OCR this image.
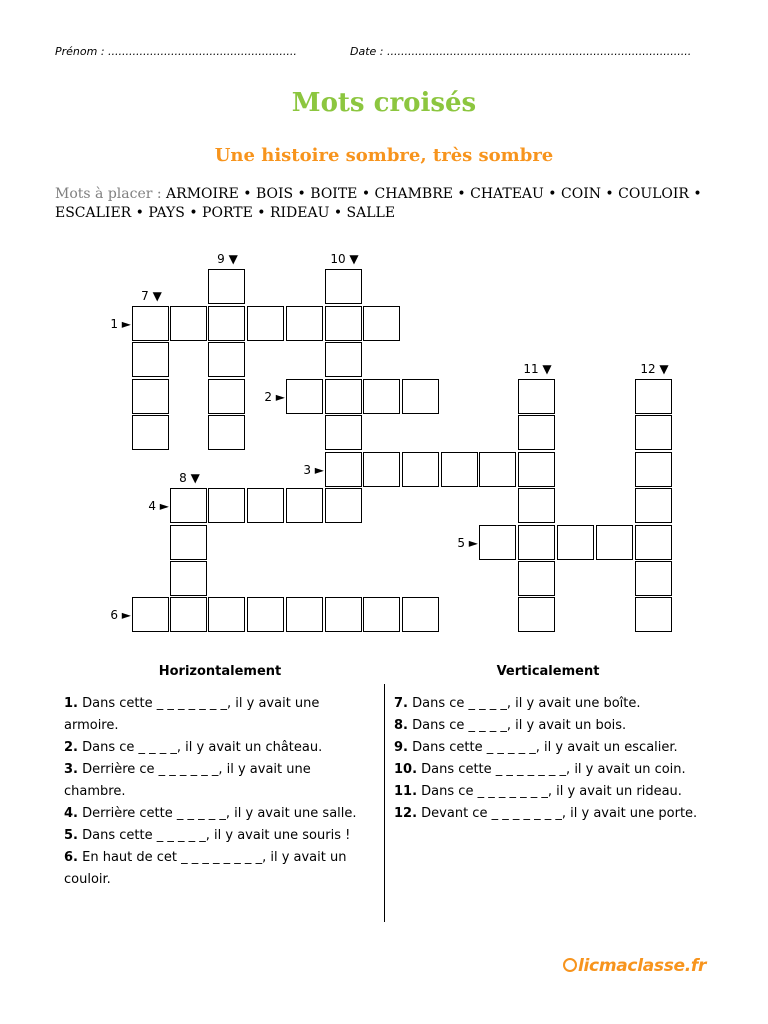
Prénom : ......................................................	Date : .......................................................................................
Mots croisés
Une histoire sombre, très sombre
Mots à placer : ARMOIRE • BOIS • BOITE • CHAMBRE • CHATEAU • COIN • COULOIR • ESCALIER • PAYS • PORTE • RIDEAU • SALLE
1 ►
2 ►
3 ►
4 ►
5 ►
6 ►
7 ▼
8 ▼
9 ▼	10 ▼
11 ▼	12 ▼
Horizontalement	Verticalement
1. Dans cette _ _ _ _ _ _ _, il y avait une armoire.
2. Dans ce _ _ _ _, il y avait un château.
3. Derrière ce _ _ _ _ _ _, il y avait une chambre.
4. Derrière cette _ _ _ _ _, il y avait une salle.
5. Dans cette _ _ _ _ _, il y avait une souris !
6. En haut de cet _ _ _ _ _ _ _ _, il y avait un couloir.
7. Dans ce _ _ _ _, il y avait une boîte.
8. Dans ce _ _ _ _, il y avait un bois.
9. Dans cette _ _ _ _ _, il y avait un escalier.
10. Dans cette _ _ _ _ _ _ _, il y avait un coin.
11. Dans ce _ _ _ _ _ _ _, il y avait un rideau.
12. Devant ce _ _ _ _ _ _ _, il y avait une porte.
licmaclasse.fr
